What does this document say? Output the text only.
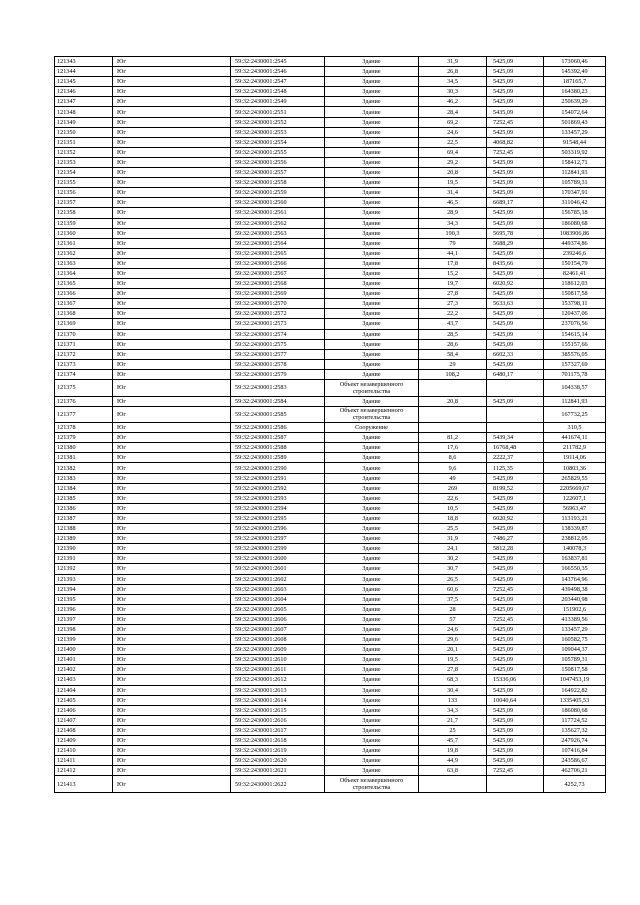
121343	Юг	59:32:2430001:2545	Здание	31,9	5425,09	173060,46
121344	Юг	59:32:2430001:2546	Здание	26,8	5425,09	145392,49
121345	Юг	59:32:2430001:2547	Здание	34,5	5425,09	187165,7
121346	Юг	59:32:2430001:2548	Здание	30,3	5425,09	164380,23
121347	Юг	59:32:2430001:2549	Здание	46,2	5425,09	250639,29
121348	Юг	59:32:2430001:2551	Здание	28,4	5435,09	154072,64
121349	Юг	59:32:2430001:2552	Здание	69,2	7252,45	501869,43
121350	Юг	59:32:2430001:2553	Здание	24,6	5425,09	133457,29
121351	Юг	59:32:2430001:2554	Здание	22,5	4068,82	91548,44
121352	Юг	59:32:2430001:2555	Здание	69,4	7252,45	503319,92
121353	Юг	59:32:2430001:2556	Здание	29,2	5425,09	158412,71
121354	Юг	59:32:2430001:2557	Здание	20,8	5425,09	112841,93
121355	Юг	59:32:2430001:2558	Здание	19,5	5425,09	105789,31
121356	Юг	59:32:2430001:2559	Здание	31,4	5425,09	170347,91
121357	Юг	59:32:2430001:2560	Здание	46,5	6689,17	311046,42
121358	Юг	59:32:2430001:2561	Здание	28,9	5425,09	156785,18
121359	Юг	59:32:2430001:2562	Здание	34,3	5425,09	186080,68
121360	Юг	59:32:2430001:2563	Здание	190,3	5695,78	1083906,86
121361	Юг	59:32:2430001:2564	Здание	79	5688,29	449374,86
121362	Юг	59:32:2430001:2565	Здание	44,1	5425,09	239246,6
121363	Юг	59:32:2430001:2566	Здание	17,8	8435,66	150154,79
121364	Юг	59:32:2430001:2567	Здание	15,2	5425,09	82461,41
121365	Юг	59:32:2430001:2568	Здание	19,7	6020,92	118612,03
121366	Юг	59:32:2430001:2569	Здание	27,8	5425,09	150817,58
121367	Юг	59:32:2430001:2570	Здание	27,3	5633,63	153798,11
121368	Юг	59:32:2430001:2572	Здание	22,2	5425,09	120437,06
121369	Юг	59:32:2430001:2573	Здание	43,7	5425,09	237076,56
121370	Юг	59:32:2430001:2574	Здание	28,5	5425,09	154615,14
121371	Юг	59:32:2430001:2575	Здание	28,6	5425,09	155157,66
121372	Юг	59:32:2430001:2577	Здание	58,4	6602,33	385576,05
121373	Юг	59:32:2430001:2578	Здание	29	5425,09	157327,69
121374	Юг	59:32:2430001:2579	Здание	108,2	6480,17	701175,78
121375	Юг	59:32:2430001:2583	Объект незавершенного строительства			104338,57
121376	Юг	59:32:2430001:2584	Здание	20,8	5425,09	112841,93
121377	Юг	59:32:2430001:2585	Объект незавершенного строительства			167732,25
121378	Юг	59:32:2430001:2586	Сооружение			310,5
121379	Юг	59:32:2430001:2587	Здание	81,2	5439,34	441674,11
121380	Юг	59:32:2430001:2588	Здание	17,6	16768,48	211782,9
121381	Юг	59:32:2430001:2589	Здание	8,6	2222,37	19114,06
121382	Юг	59:32:2430001:2590	Здание	9,6	1125,35	10803,36
121383	Юг	59:32:2430001:2591	Здание	49	5425,09	265829,55
121384	Юг	59:32:2430001:2592	Здание	269	8199,52	2205669,67
121385	Юг	59:32:2430001:2593	Здание	22,6	5425,09	122607,1
121386	Юг	59:32:2430001:2594	Здание	10,5	5425,09	56963,47
121387	Юг	59:32:2430001:2595	Здание	18,8	6020,92	113193,21
121388	Юг	59:32:2430001:2596	Здание	25,5	5425,09	138339,87
121389	Юг	59:32:2430001:2597	Здание	31,9	7486,27	238812,05
121390	Юг	59:32:2430001:2599	Здание	24,1	5812,28	140078,3
121391	Юг	59:32:2430001:2600	Здание	30,2	5425,09	163837,81
121392	Юг	59:32:2430001:2601	Здание	30,7	5425,09	166550,35
121393	Юг	59:32:2430001:2602	Здание	26,5	5425,09	143764,96
121394	Юг	59:32:2430001:2603	Здание	60,6	7252,45	439498,38
121395	Юг	59:32:2430001:2604	Здание	37,5	5425,09	203440,98
121396	Юг	59:32:2430001:2605	Здание	28	5425,09	151902,6
121397	Юг	59:32:2430001:2606	Здание	57	7252,45	413389,56
121398	Юг	59:32:2430001:2607	Здание	24,6	5425,09	133457,29
121399	Юг	59:32:2430001:2608	Здание	29,6	5425,09	160582,75
121400	Юг	59:32:2430001:2609	Здание	20,1	5425,09	109044,37
121401	Юг	59:32:2430001:2610	Здание	19,5	5425,09	105789,31
121402	Юг	59:32:2430001:2611	Здание	27,8	5425,09	150817,58
121403	Юг	59:32:2430001:2612	Здание	68,3	15336,06	1047453,19
121404	Юг	59:32:2430001:2613	Здание	30,4	5425,09	164922,82
121405	Юг	59:32:2430001:2614	Здание	133	10040,64	1335405,53
121406	Юг	59:32:2430001:2615	Здание	34,3	5425,09	186080,68
121407	Юг	59:32:2430001:2616	Здание	21,7	5425,09	117724,52
121408	Юг	59:32:2430001:2617	Здание	25	5425,09	135627,32
121409	Юг	59:32:2430001:2618	Здание	45,7	5425,09	247926,74
121410	Юг	59:32:2430001:2619	Здание	19,8	5425,09	107416,84
121411	Юг	59:32:2430001:2620	Здание	44,9	5425,09	243586,67
121412	Юг	59:32:2430001:2621	Здание	63,8	7252,45	462706,21
121413	Юг	59:32:2430001:2622	Объект незавершенного строительства			4252,73
